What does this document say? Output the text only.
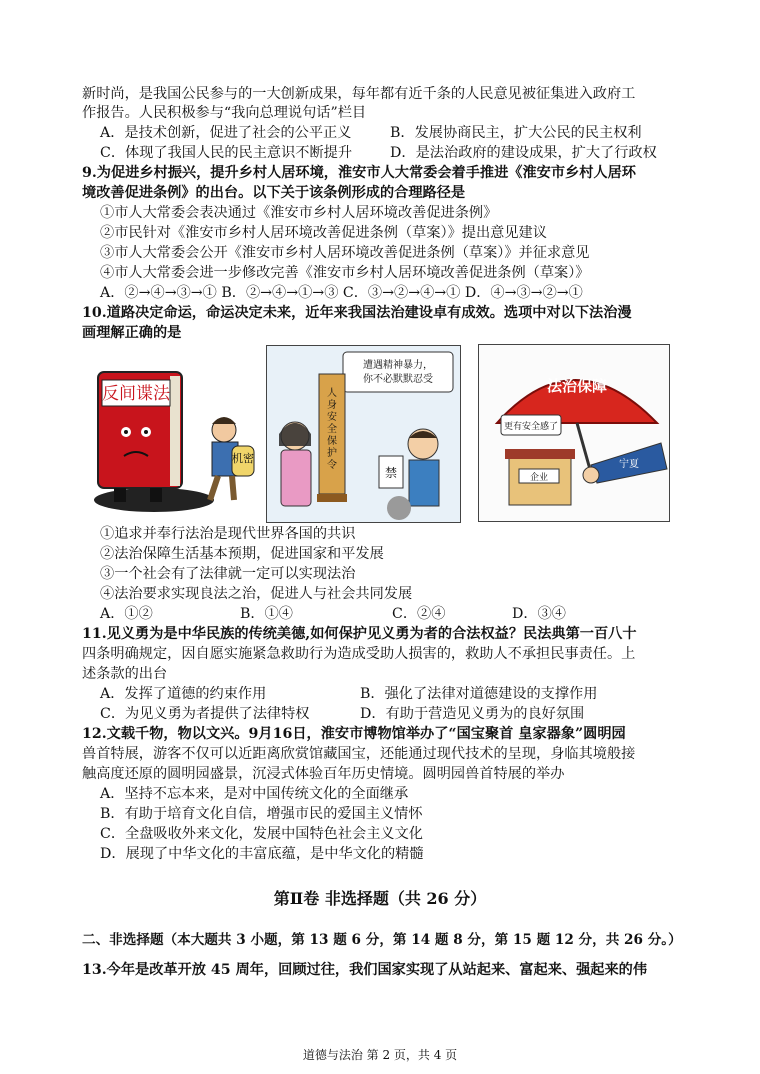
新时尚，是我国公民参与的一大创新成果，每年都有近千条的人民意见被征集进入政府工
作报告。人民积极参与“我向总理说句话”栏目
A．是技术创新，促进了社会的公平正义	B．发展协商民主，扩大公民的民主权利
C．体现了我国人民的民主意识不断提升	D．是法治政府的建设成果，扩大了行政权
9.为促进乡村振兴，提升乡村人居环境，淮安市人大常委会着手推进《淮安市乡村人居环
境改善促进条例》的出台。以下关于该条例形成的合理路径是
①市人大常委会表决通过《淮安市乡村人居环境改善促进条例》
②市民针对《淮安市乡村人居环境改善促进条例（草案）》提出意见建议
③市人大常委会公开《淮安市乡村人居环境改善促进条例（草案）》并征求意见
④市人大常委会进一步修改完善《淮安市乡村人居环境改善促进条例（草案）》
A．②→④→③→① B．②→④→①→③ C．③→②→④→① D．④→③→②→①
10.道路决定命运，命运决定未来，近年来我国法治建设卓有成效。选项中对以下法治漫
画理解正确的是
反间谍法
机密
遭遇精神暴力，
你不必默默忍受
人身安全保护令
禁
法治保障
更有安全感了
企业
宁夏
①追求并奉行法治是现代世界各国的共识
②法治保障生活基本预期，促进国家和平发展
③一个社会有了法律就一定可以实现法治
④法治要求实现良法之治，促进人与社会共同发展
A．①②	B．①④	C．②④	D．③④
11.见义勇为是中华民族的传统美德,如何保护见义勇为者的合法权益？民法典第一百八十
四条明确规定，因自愿实施紧急救助行为造成受助人损害的，救助人不承担民事责任。上
述条款的出台
A．发挥了道德的约束作用	B．强化了法律对道德建设的支撑作用
C．为见义勇为者提供了法律特权	D．有助于营造见义勇为的良好氛围
12.文载千物，物以文兴。9月16日，淮安市博物馆举办了“国宝聚首 皇家器象”圆明园
兽首特展，游客不仅可以近距离欣赏馆藏国宝，还能通过现代技术的呈现，身临其境般接
触高度还原的圆明园盛景，沉浸式体验百年历史情境。圆明园兽首特展的举办
A．坚持不忘本来，是对中国传统文化的全面继承
B．有助于培育文化自信，增强市民的爱国主义情怀
C．全盘吸收外来文化，发展中国特色社会主义文化
D．展现了中华文化的丰富底蕴，是中华文化的精髓
第Ⅱ卷 非选择题（共 26 分）
二、非选择题（本大题共 3 小题，第 13 题 6 分，第 14 题 8 分，第 15 题 12 分，共 26 分。）
13.今年是改革开放 45 周年，回顾过往，我们国家实现了从站起来、富起来、强起来的伟
道德与法治 第 2 页，共 4 页
